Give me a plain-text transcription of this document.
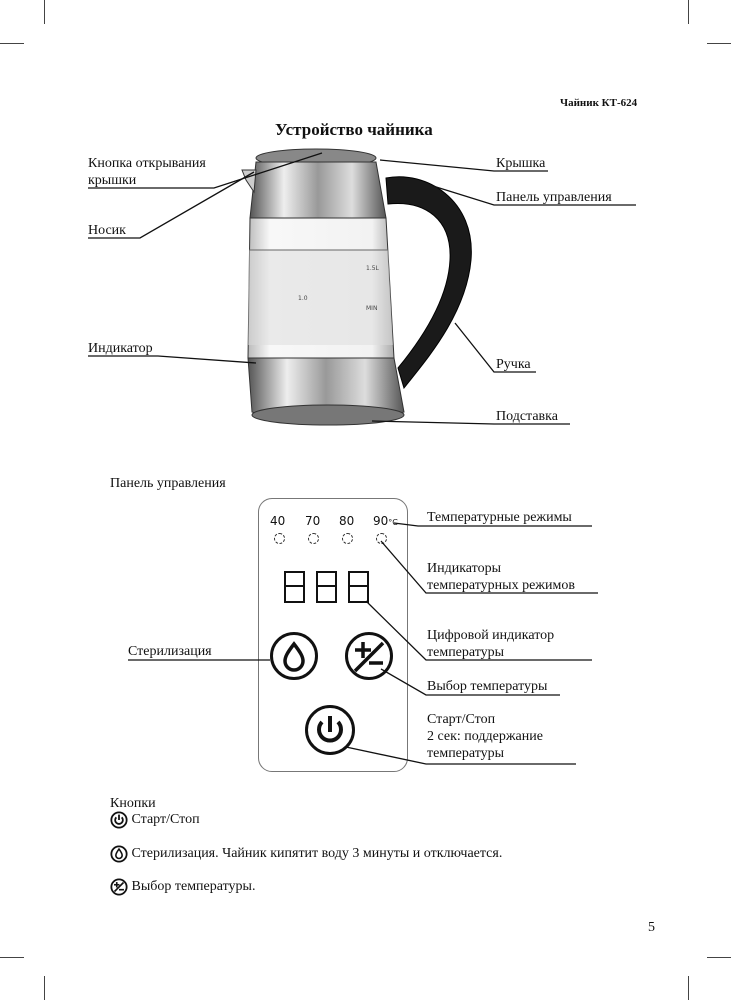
Чайник КТ-624
Устройство чайника
1.0
1.5L
MIN
Кнопка открывания
крышки
Носик
Индикатор
Крышка
Панель управления
Ручка
Подставка
Панель управления
40 70 80 90°C Температурные режимы
Индикаторы
температурных режимов
Цифровой индикатор
температуры
Стерилизация
Выбор температуры
Старт/Стоп
2 сек: поддержание
температуры
Кнопки
Старт/Стоп
Стерилизация. Чайник кипятит воду 3 минуты и отключается.
Выбор температуры.
5
